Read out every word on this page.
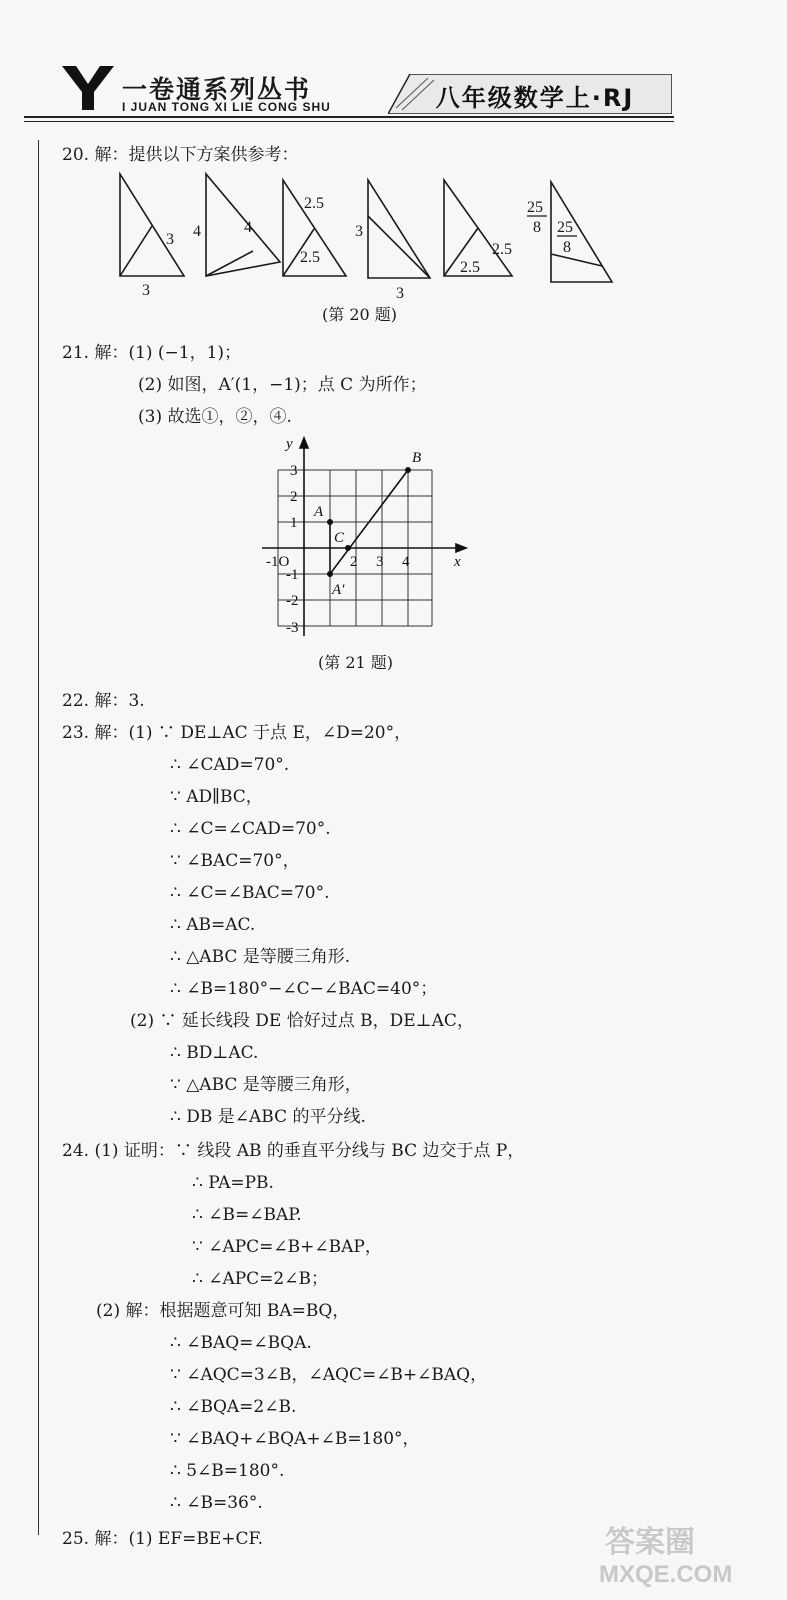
一卷通系列丛书
I JUAN TONG XI LIE CONG SHU	八年级数学上·RJ
20. 解：提供以下方案供参考：
3
3
4	4
2.5
2.5
3
3
2.5
2.5
25
8 25
8
(第 20 题)
21. 解：(1) (−1，1)；
(2) 如图，A′(1，−1)；点 C 为所作；
(3) 故选①，②，④.
y
x
3
2
1
-1
-2
-3
2 3 4
-1O
A
B
C
A′
(第 21 题)
22. 解：3.
23. 解：(1) ∵ DE⊥AC 于点 E，∠D=20°，
∴ ∠CAD=70°.
∵ AD∥BC，
∴ ∠C=∠CAD=70°.
∵ ∠BAC=70°，
∴ ∠C=∠BAC=70°.
∴ AB=AC.
∴ △ABC 是等腰三角形.
∴ ∠B=180°−∠C−∠BAC=40°；
(2) ∵ 延长线段 DE 恰好过点 B，DE⊥AC，
∴ BD⊥AC.
∵ △ABC 是等腰三角形，
∴ DB 是∠ABC 的平分线.
24. (1) 证明：∵ 线段 AB 的垂直平分线与 BC 边交于点 P，
∴ PA=PB.
∴ ∠B=∠BAP.
∵ ∠APC=∠B+∠BAP，
∴ ∠APC=2∠B；
(2) 解：根据题意可知 BA=BQ，
∴ ∠BAQ=∠BQA.
∵ ∠AQC=3∠B，∠AQC=∠B+∠BAQ，
∴ ∠BQA=2∠B.
∵ ∠BAQ+∠BQA+∠B=180°，
∴ 5∠B=180°.
∴ ∠B=36°.
25. 解：(1) EF=BE+CF.	答案圈
MXQE.COM
